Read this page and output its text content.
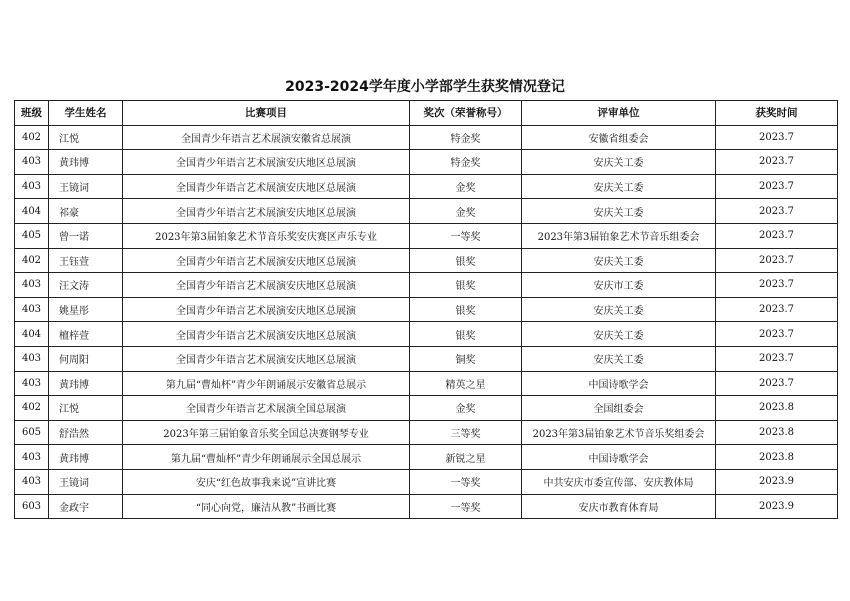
2023-2024学年度小学部学生获奖情况登记
班级	学生姓名	比赛项目	奖次（荣誉称号）	评审单位	获奖时间
402	江悦	全国青少年语言艺术展演安徽省总展演	特金奖	安徽省组委会	2023.7
403	黄玮博	全国青少年语言艺术展演安庆地区总展演	特金奖	安庆关工委	2023.7
403	王镜词	全国青少年语言艺术展演安庆地区总展演	金奖	安庆关工委	2023.7
404	祁豪	全国青少年语言艺术展演安庆地区总展演	金奖	安庆关工委	2023.7
405	曾一诺	2023年第3届铂象艺术节音乐奖安庆赛区声乐专业	一等奖	2023年第3届铂象艺术节音乐组委会	2023.7
402	王钰萱	全国青少年语言艺术展演安庆地区总展演	银奖	安庆关工委	2023.7
403	汪文涛	全国青少年语言艺术展演安庆地区总展演	银奖	安庆市工委	2023.7
403	姚星彤	全国青少年语言艺术展演安庆地区总展演	银奖	安庆关工委	2023.7
404	檀梓萱	全国青少年语言艺术展演安庆地区总展演	银奖	安庆关工委	2023.7
403	何周阳	全国青少年语言艺术展演安庆地区总展演	铜奖	安庆关工委	2023.7
403	黄玮博	第九届“曹灿杯”青少年朗诵展示安徽省总展示	精英之星	中国诗歌学会	2023.7
402	江悦	全国青少年语言艺术展演全国总展演	金奖	全国组委会	2023.8
605	舒浩然	2023年第三届铂象音乐奖全国总决赛钢琴专业	三等奖	2023年第3届铂象艺术节音乐奖组委会	2023.8
403	黄玮博	第九届“曹灿杯”青少年朗诵展示全国总展示	新锐之星	中国诗歌学会	2023.8
403	王镜词	安庆“红色故事我来说”宣讲比赛	一等奖	中共安庆市委宣传部、安庆教体局	2023.9
603	金政宇	“同心向党，廉洁从教”书画比赛	一等奖	安庆市教育体育局	2023.9
